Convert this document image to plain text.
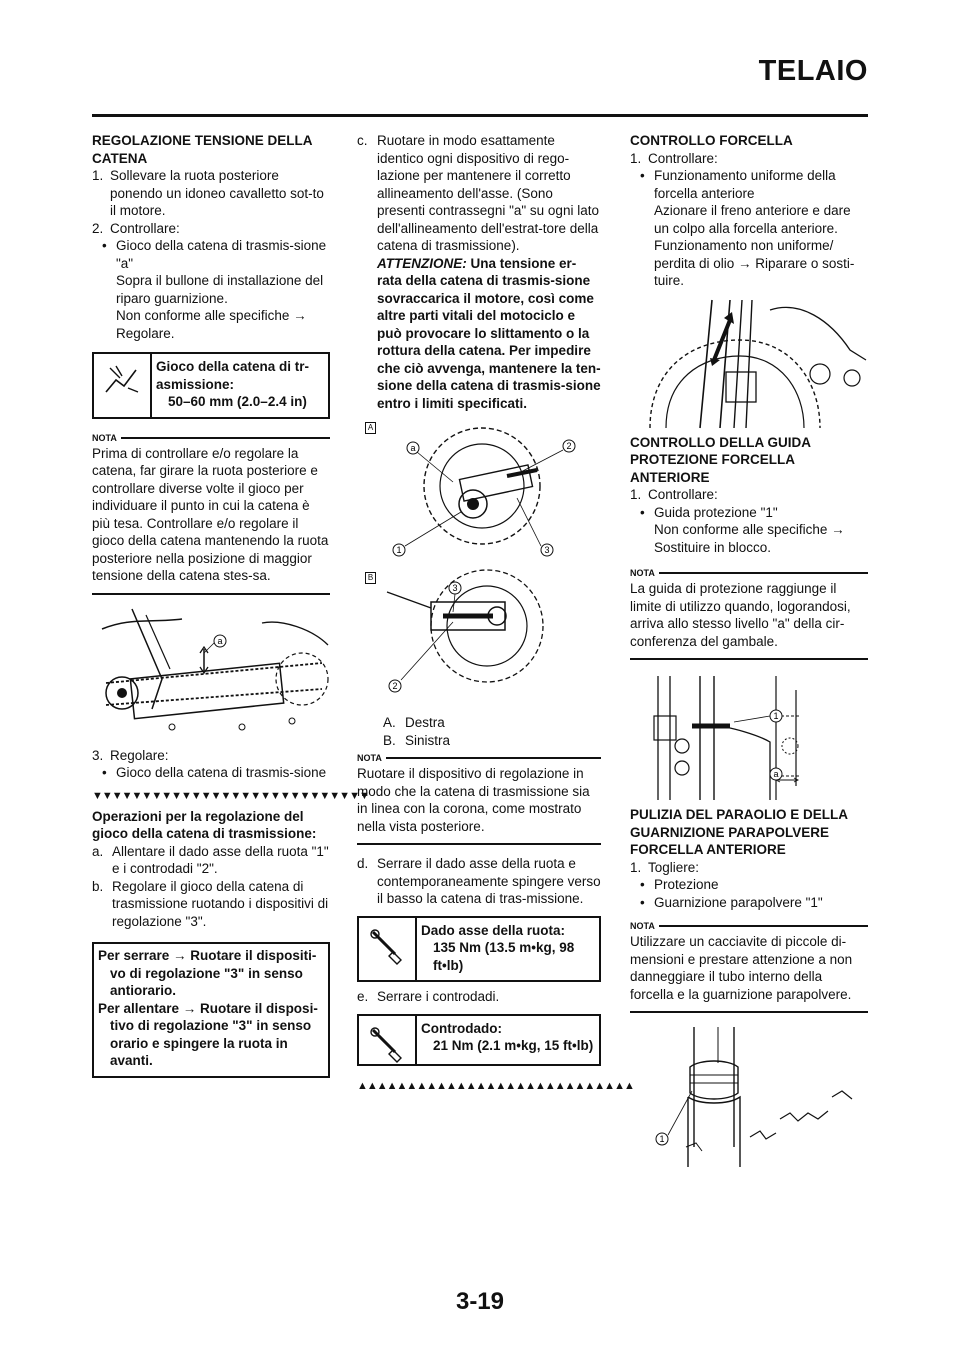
TELAIO
REGOLAZIONE TENSIONE DELLA CATENA
1. Sollevare la ruota posteriore ponendo un idoneo cavalletto sot-to il motore.
2. Controllare:
• Gioco della catena di trasmis-sione "a"
Sopra il bullone di installazione del riparo guarnizione.
Non conforme alle specifiche → Regolare.
Gioco della catena di tr-asmissione:
50–60 mm (2.0–2.4 in)
NOTA
Prima di controllare e/o regolare la catena, far girare la ruota posteriore e controllare diverse volte il gioco per individuare il punto in cui la catena è più tesa. Controllare e/o regolare il gioco della catena mantenendo la ruota posteriore nella posizione di maggior tensione della catena stes-sa.
a
3. Regolare:
• Gioco della catena di trasmis-sione
▼▼▼▼▼▼▼▼▼▼▼▼▼▼▼▼▼▼▼▼▼▼▼▼▼▼▼▼
Operazioni per la regolazione del gioco della catena di trasmissione:
a. Allentare il dado asse della ruota "1" e i controdadi "2".
b. Regolare il gioco della catena di trasmissione ruotando i dispositivi di regolazione "3".
Per serrare → Ruotare il dispositi-
vo di regolazione "3" in senso antiorario.
Per allentare → Ruotare il disposi-
tivo di regolazione "3" in senso orario e spingere la ruota in avanti.
c. Ruotare in modo esattamente identico ogni dispositivo di rego-lazione per mantenere il corretto allineamento dell'asse. (Sono presenti contrassegni "a" su ogni lato dell'allineamento dell'estrat-tore della catena di trasmissione).
ATTENZIONE: Una tensione er-rata della catena di trasmis-sione sovraccarica il motore, così come altre parti vitali del motociclo e può provocare lo slittamento o la rottura della catena. Per impedire che ciò avvenga, mantenere la ten-sione della catena di trasmis-sione entro i limiti specificati.
A
a	2
1	3
B
3
2
A. Destra
B. Sinistra
NOTA
Ruotare il dispositivo di regolazione in modo che la catena di trasmissione sia in linea con la corona, come mostrato nella vista posteriore.
d. Serrare il dado asse della ruota e contemporaneamente spingere verso il basso la catena di tras-missione.
Dado asse della ruota:
135 Nm (13.5 m•kg, 98 ft•lb)
e. Serrare i controdadi.
Controdado:
21 Nm (2.1 m•kg, 15 ft•lb)
▲▲▲▲▲▲▲▲▲▲▲▲▲▲▲▲▲▲▲▲▲▲▲▲▲▲▲▲
CONTROLLO FORCELLA
1. Controllare:
• Funzionamento uniforme della forcella anteriore
Azionare il freno anteriore e dare un colpo alla forcella anteriore.
Funzionamento non uniforme/ perdita di olio → Riparare o sosti-tuire.
CONTROLLO DELLA GUIDA PROTEZIONE FORCELLA ANTERIORE
1. Controllare:
• Guida protezione "1"
Non conforme alle specifiche → Sostituire in blocco.
NOTA
La guida di protezione raggiunge il limite di utilizzo quando, logorandosi, arriva allo stesso livello "a" della cir-conferenza del gambale.
1
a
PULIZIA DEL PARAOLIO E DELLA GUARNIZIONE PARAPOLVERE FORCELLA ANTERIORE
1. Togliere:
• Protezione
• Guarnizione parapolvere "1"
NOTA
Utilizzare un cacciavite di piccole di-mensioni e prestare attenzione a non danneggiare il tubo interno della forcella e la guarnizione parapolvere.
1
3-19
